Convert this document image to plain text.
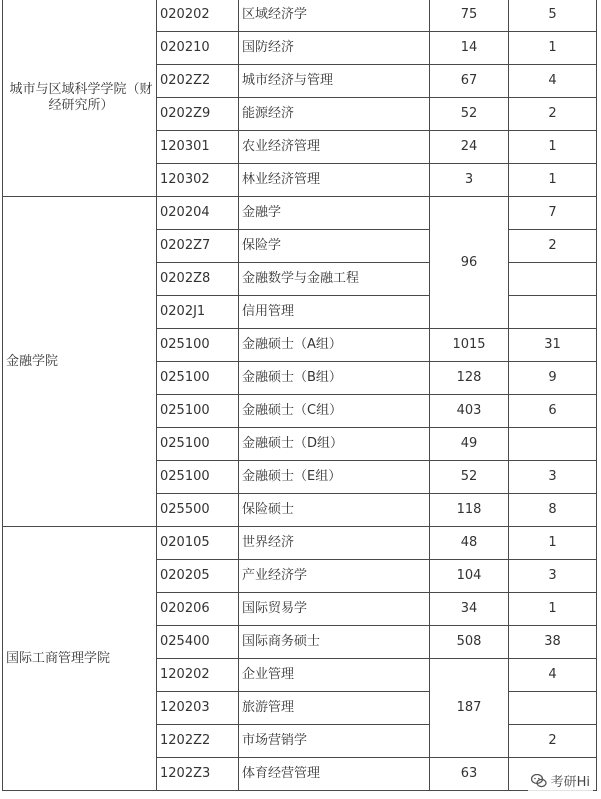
城市与区域科学学院（财经研究所）	020202	区域经济学	75	5
	020210	国防经济	14	1
	0202Z2	城市经济与管理	67	4
	0202Z9	能源经济	52	2
	120301	农业经济管理	24	1
	120302	林业经济管理	3	1

金融学院	020204	金融学	96	7
	0202Z7	保险学		2
	0202Z8	金融数学与金融工程		
	0202J1	信用管理		
	025100	金融硕士（A组）	1015	31
	025100	金融硕士（B组）	128	9
	025100	金融硕士（C组）	403	6
	025100	金融硕士（D组）	49	
	025100	金融硕士（E组）	52	3
	025500	保险硕士	118	8

国际工商管理学院	020105	世界经济	48	1
	020205	产业经济学	104	3
	020206	国际贸易学	34	1
	025400	国际商务硕士	508	38
	120202	企业管理	187	4
	120203	旅游管理		
	1202Z2	市场营销学		2
	1202Z3	体育经营管理	63	
考研Hi
